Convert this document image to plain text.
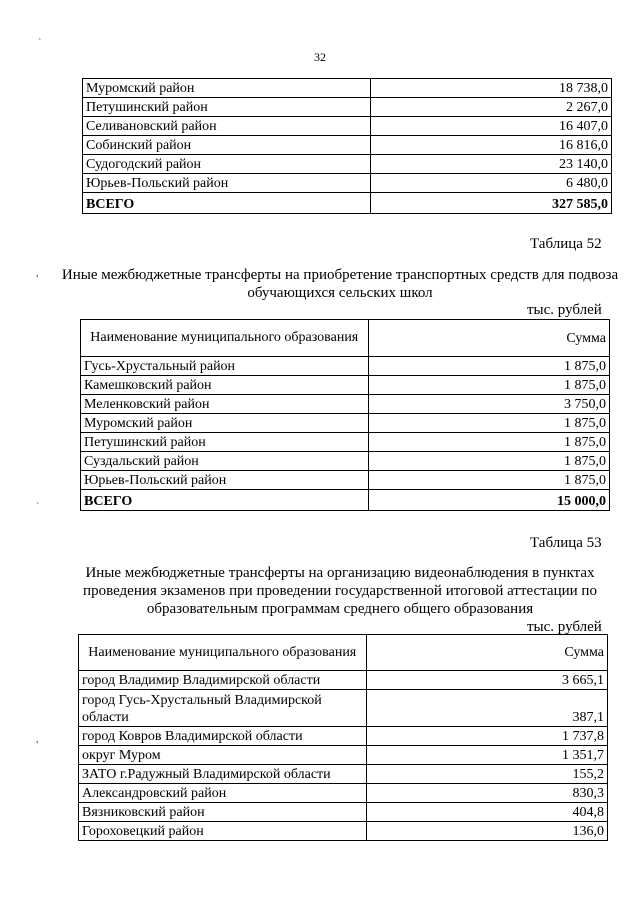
`
,
`
,
32
Муромский район	18 738,0
Петушинский район	2 267,0
Селивановский район	16 407,0
Собинский район	16 816,0
Судогодский район	23 140,0
Юрьев-Польский район	6 480,0
ВСЕГО	327 585,0
Таблица 52
Иные межбюджетные трансферты на приобретение транспортных средств для подвоза обучающихся сельских школ
тыс. рублей
Наименование муниципального образования	Сумма
Гусь-Хрустальный район	1 875,0
Камешковский район	1 875,0
Меленковский район	3 750,0
Муромский район	1 875,0
Петушинский район	1 875,0
Суздальский район	1 875,0
Юрьев-Польский район	1 875,0
ВСЕГО	15 000,0
Таблица 53
Иные межбюджетные трансферты на организацию видеонаблюдения в пунктах проведения экзаменов при проведении государственной итоговой аттестации по образовательным программам среднего общего образования
тыс. рублей
Наименование муниципального образования	Сумма
город Владимир Владимирской области	3 665,1
город Гусь-Хрустальный Владимирской области	387,1
город Ковров Владимирской области	1 737,8
округ Муром	1 351,7
ЗАТО г.Радужный Владимирской области	155,2
Александровский район	830,3
Вязниковский район	404,8
Гороховецкий район	136,0
